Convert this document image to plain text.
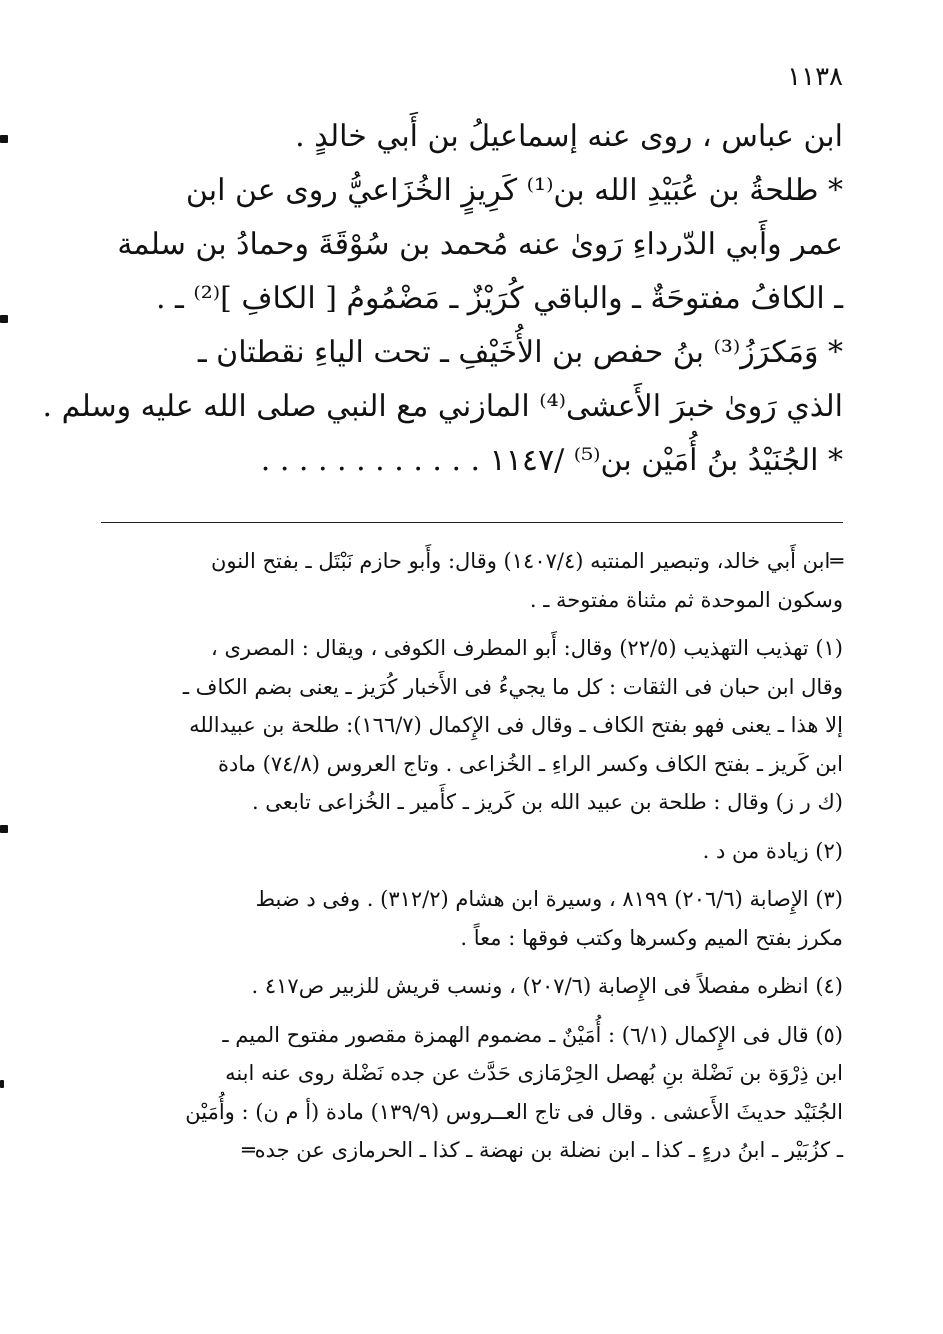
١١٣٨
ابن عباس ، روى عنه إسماعيلُ بن أَبي خالدٍ .
* طلحةُ بن عُبَيْدِ الله بن⁽¹⁾ كَرِيزٍ الخُزَاعيُّ روى عن ابن
عمر وأَبي الدّرداءِ رَوىٰ عنه مُحمد بن سُوْقَةَ وحمادُ بن سلمة
ـ الكافُ مفتوحَةٌ ـ والباقي كُرَيْزٌ ـ مَضْمُومُ [ الكافِ ]⁽²⁾ ـ .
* وَمَكرَزُ⁽³⁾ بنُ حفص بن الأُخَيْفِ ـ تحت الياءِ نقطتان ـ
الذي رَوىٰ خبرَ الأَعشى⁽⁴⁾ المازني مع النبي صلى الله عليه وسلم .
* الجُنَيْدُ بنُ أُمَيْن بن⁽⁵⁾ /١١٤٧ . . . . . . . . . . . .
═ابن أَبي خالد، وتبصير المنتبه (١٤٠٧/٤) وقال: وأَبو حازم نَبْتَل ـ بفتح النون
وسكون الموحدة ثم مثناة مفتوحة ـ .
(١) تهذيب التهذيب (٢٢/٥) وقال: أَبو المطرف الكوفى ، ويقال : المصرى ،
وقال ابن حبان فى الثقات : كل ما يجيءُ فى الأَخبار كُرَيز ـ يعنى بضم الكاف ـ
إلا هذا ـ يعنى فهو بفتح الكاف ـ وقال فى الإِكمال (١٦٦/٧): طلحة بن عبيدالله
ابن كَريز ـ بفتح الكاف وكسر الراءِ ـ الخُزاعى . وتاج العروس (٧٤/٨) مادة
(ك ر ز) وقال : طلحة بن عبيد الله بن كَريز ـ كأَمير ـ الخُزاعى تابعى .
(٢) زيادة من د .
(٣) الإِصابة (٢٠٦/٦) ٨١٩٩ ، وسيرة ابن هشام (٣١٢/٢) . وفى د ضبط
مكرز بفتح الميم وكسرها وكتب فوقها : معاً .
(٤) انظره مفصلاً فى الإِصابة (٢٠٧/٦) ، ونسب قريش للزبير ص٤١٧ .
(٥) قال فى الإِكمال (٦/١) : أُمَيْنٌ ـ مضموم الهمزة مقصور مفتوح الميم ـ
ابن ذِرْوَة بن نَضْلة بنِ بُهصل الحِرْمَازى حَدَّث عن جده نَضْلة روى عنه ابنه
الجُنَيْد حديثَ الأَعشى . وقال فى تاج العــروس (١٣٩/٩) مادة (أ م ن) : وأُمَيْن
ـ كزُبَيْر ـ ابنُ درءٍ ـ كذا ـ ابن نضلة بن نهضة ـ كذا ـ الحرمازى عن جده═
